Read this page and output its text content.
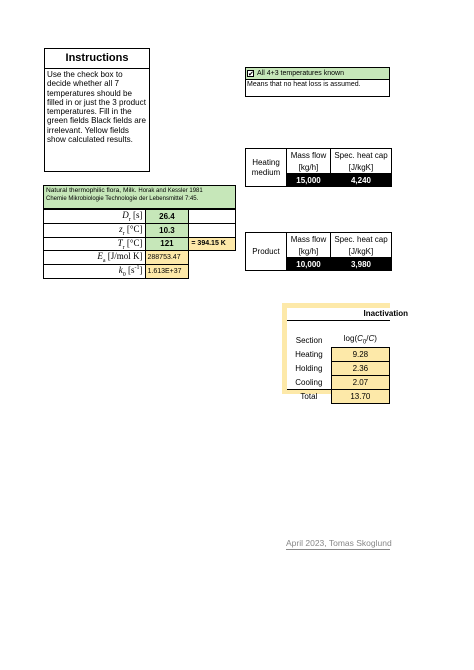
Instructions
Use the check box to decide whether all 7 temperatures should be filled in or just the 3 product temperatures. Fill in the green fields Black fields are irrelevant. Yellow fields show calculated results.
✔ All 4+3 temperatures known
Means that no heat loss is assumed.
Heating medium	Mass flow	Spec. heat cap
	[kg/h]	[J/kgK]
	15,000	4,240
Product	Mass flow	Spec. heat cap
	[kg/h]	[J/kgK]
	10,000	3,980
Natural thermophilic flora, Milk. Horak and Kessler 1981
Chemie Mikrobiologie Technologie der Lebensmittel 7:45.
$D_r$ [s]	26.4	
$z_r$ [°C]	10.3	
$T_r$ [°C]	121	= 394.15 K
$E_a$ [J/mol K]	288753.47	
$k_0$ $[s^{-1}]$	1.613E+37	
Inactivation
Section	$\log(C_0/C)$
Heating	9.28
Holding	2.36
Cooling	2.07
Total	13.70
April 2023, Tomas Skoglund
